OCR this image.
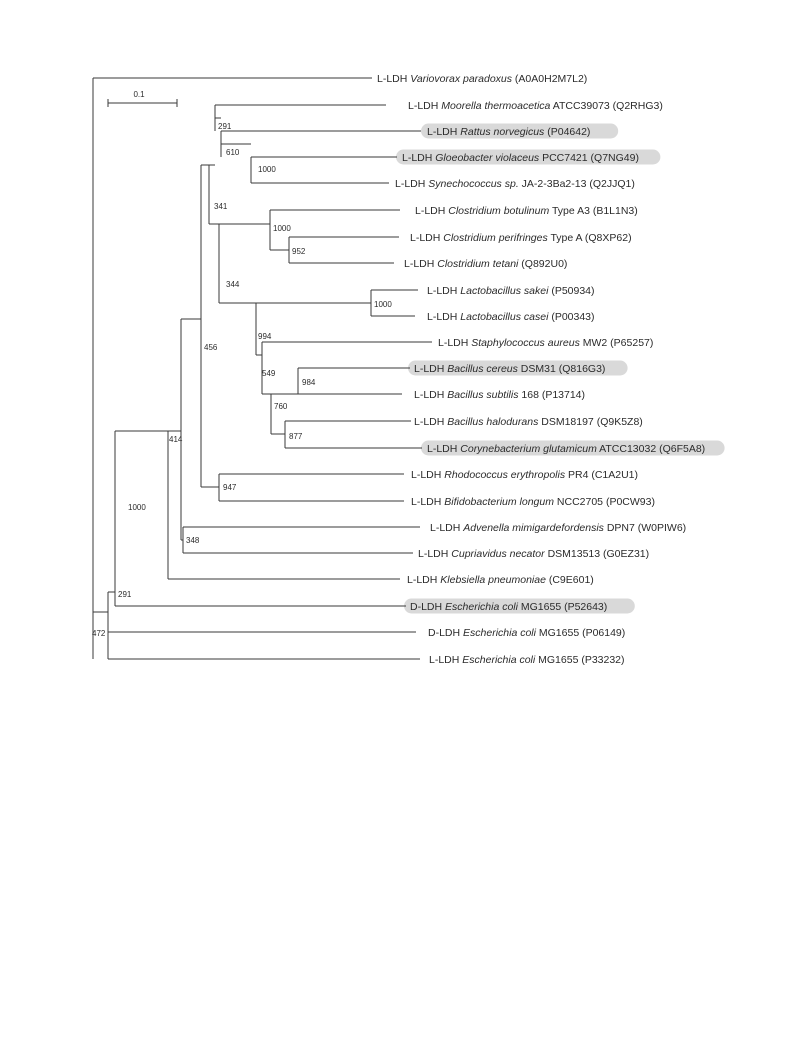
0.1
291
610
1000
341
1000
952
344
1000
994
549
984
760
877
456
947
414
348
1000
291
472
L-LDH Variovorax paradoxus (A0A0H2M7L2)
L-LDH Moorella thermoacetica ATCC39073 (Q2RHG3)
L-LDH Rattus norvegicus (P04642)
L-LDH Gloeobacter violaceus PCC7421 (Q7NG49)
L-LDH Synechococcus sp. JA-2-3Ba2-13 (Q2JJQ1)
L-LDH Clostridium botulinum Type A3 (B1L1N3)
L-LDH Clostridium perifringes Type A (Q8XP62)
L-LDH Clostridium tetani (Q892U0)
L-LDH Lactobacillus sakei (P50934)
L-LDH Lactobacillus casei (P00343)
L-LDH Staphylococcus aureus MW2 (P65257)
L-LDH Bacillus cereus DSM31 (Q816G3)
L-LDH Bacillus subtilis 168 (P13714)
L-LDH Bacillus halodurans DSM18197 (Q9K5Z8)
L-LDH Corynebacterium glutamicum ATCC13032 (Q6F5A8)
L-LDH Rhodococcus erythropolis PR4 (C1A2U1)
L-LDH Bifidobacterium longum NCC2705 (P0CW93)
L-LDH Advenella mimigardefordensis DPN7 (W0PIW6)
L-LDH Cupriavidus necator DSM13513 (G0EZ31)
L-LDH Klebsiella pneumoniae (C9E601)
D-LDH Escherichia coli MG1655 (P52643)
D-LDH Escherichia coli MG1655 (P06149)
L-LDH Escherichia coli MG1655 (P33232)
